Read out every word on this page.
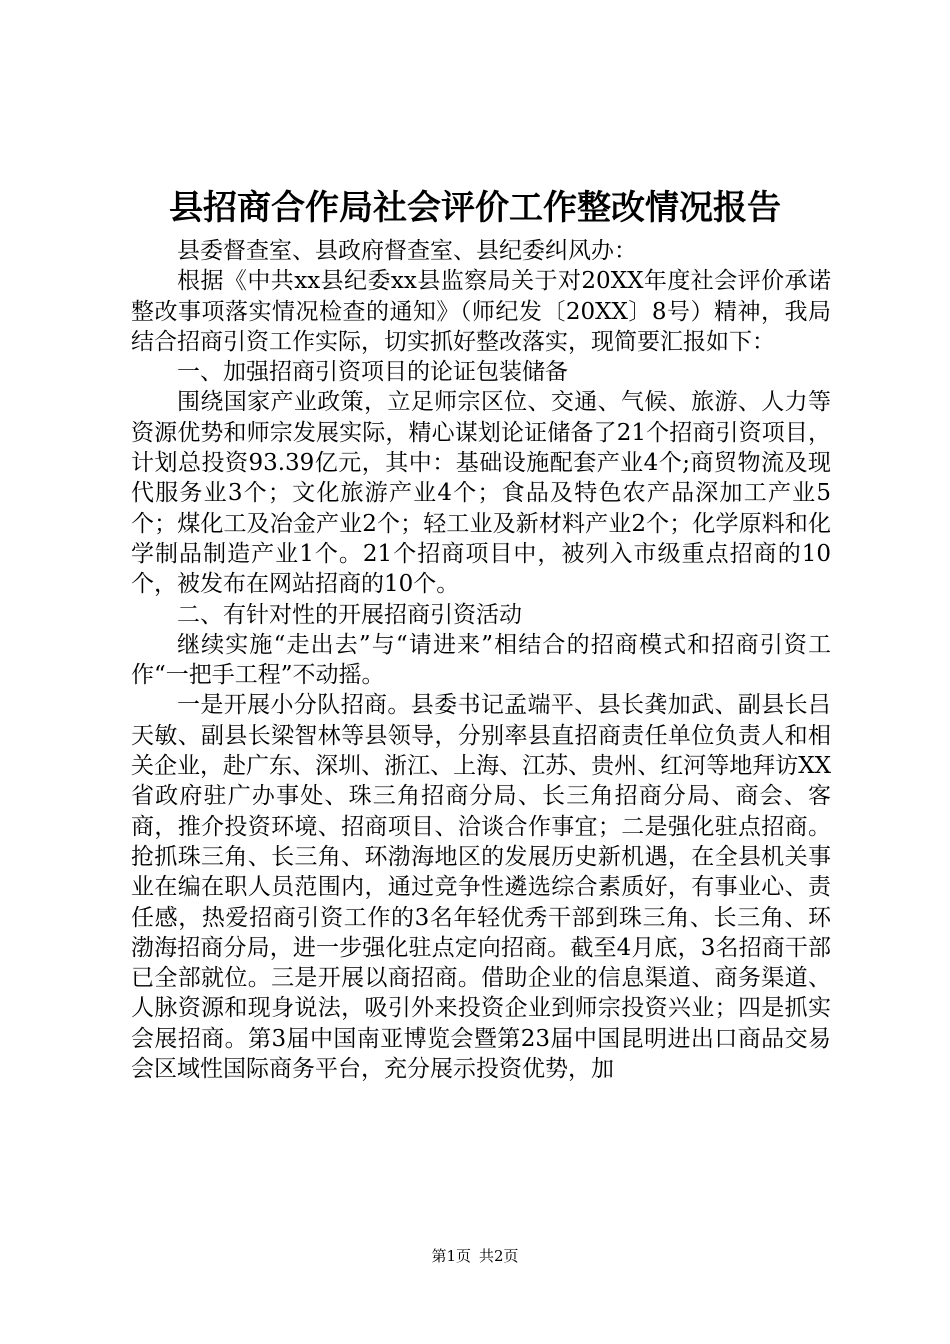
县招商合作局社会评价工作整改情况报告

县委督查室、县政府督查室、县纪委纠风办：

根据《中共xx县纪委xx县监察局关于对20XX年度社会评价承诺整改事项落实情况检查的通知》（师纪发〔20XX〕8号）精神，我局结合招商引资工作实际，切实抓好整改落实，现简要汇报如下：

一、加强招商引资项目的论证包装储备

围绕国家产业政策，立足师宗区位、交通、气候、旅游、人力等资源优势和师宗发展实际，精心谋划论证储备了21个招商引资项目，计划总投资93.39亿元，其中：基础设施配套产业4个;商贸物流及现代服务业3个；文化旅游产业4个；食品及特色农产品深加工产业5个；煤化工及冶金产业2个；轻工业及新材料产业2个；化学原料和化学制品制造产业1个。21个招商项目中，被列入市级重点招商的10个，被发布在网站招商的10个。

二、有针对性的开展招商引资活动

继续实施“走出去”与“请进来”相结合的招商模式和招商引资工作“一把手工程”不动摇。

一是开展小分队招商。县委书记孟端平、县长龚加武、副县长吕天敏、副县长梁智林等县领导，分别率县直招商责任单位负责人和相关企业，赴广东、深圳、浙江、上海、江苏、贵州、红河等地拜访XX省政府驻广办事处、珠三角招商分局、长三角招商分局、商会、客商，推介投资环境、招商项目、洽谈合作事宜；二是强化驻点招商。抢抓珠三角、长三角、环渤海地区的发展历史新机遇，在全县机关事业在编在职人员范围内，通过竞争性遴选综合素质好，有事业心、责任感，热爱招商引资工作的3名年轻优秀干部到珠三角、长三角、环渤海招商分局，进一步强化驻点定向招商。截至4月底，3名招商干部已全部就位。三是开展以商招商。借助企业的信息渠道、商务渠道、人脉资源和现身说法，吸引外来投资企业到师宗投资兴业；四是抓实会展招商。第3届中国南亚博览会暨第23届中国昆明进出口商品交易会区域性国际商务平台，充分展示投资优势，加

第1页 共2页
